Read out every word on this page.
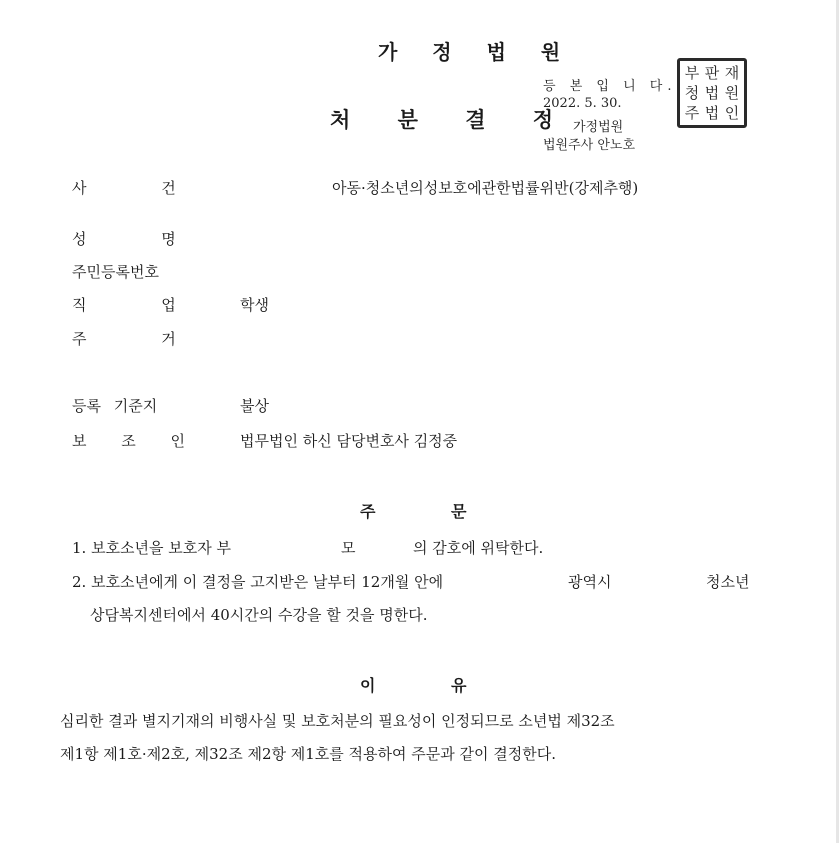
가 정 법 원
처 분 결 정
등 본 입 니 다.
2022. 5. 30.
가정법원
법원주사 안노호
부 판 재
청 법 원
주 법 인
사 건	아동·청소년의성보호에관한법률위반(강제추행)
성 명
주민등록번호
직 업	학생
주 거
등록 기준지	불상
보 조 인	법무법인 하신 담당변호사 김정중
주 문
1. 보호소년을 보호자 부	모	의 감호에 위탁한다.
2. 보호소년에게 이 결정을 고지받은 날부터 12개월 안에	광역시	청소년
상담복지센터에서 40시간의 수강을 할 것을 명한다.
이 유
심리한 결과 별지기재의 비행사실 및 보호처분의 필요성이 인정되므로 소년법 제32조
제1항 제1호·제2호, 제32조 제2항 제1호를 적용하여 주문과 같이 결정한다.
